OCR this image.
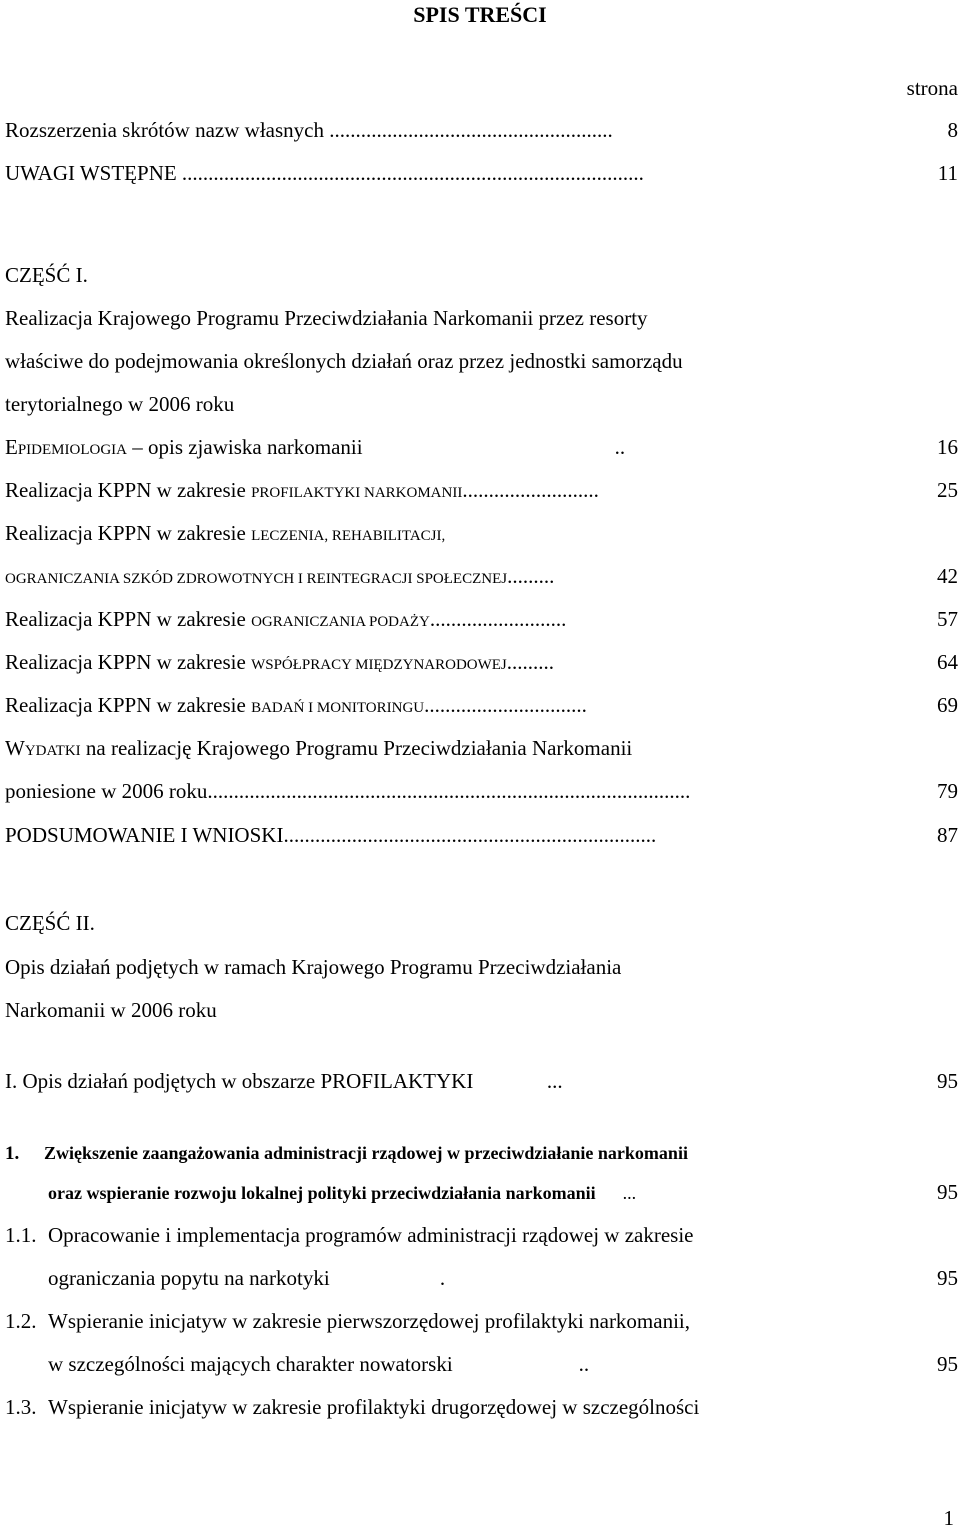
SPIS TREŚCI
strona
Rozszerzenia skrótów nazw własnych ......................................................	8
UWAGI WSTĘPNE ........................................................................................	11
CZĘŚĆ I.
Realizacja Krajowego Programu Przeciwdziałania Narkomanii przez resorty
właściwe do podejmowania określonych działań oraz przez jednostki samorządu
terytorialnego w 2006 roku
EPIDEMIOLOGIA – opis zjawiska narkomanii                                                ..	16
Realizacja KPPN w zakresie PROFILAKTYKI NARKOMANII..........................	25
Realizacja KPPN w zakresie LECZENIA, REHABILITACJI,
OGRANICZANIA SZKÓD ZDROWOTNYCH I REINTEGRACJI SPOŁECZNEJ.........	42
Realizacja KPPN w zakresie OGRANICZANIA PODAŻY..........................	57
Realizacja KPPN w zakresie WSPÓŁPRACY MIĘDZYNARODOWEJ.........	64
Realizacja KPPN w zakresie BADAŃ I MONITORINGU...............................	69
WYDATKI na realizację Krajowego Programu Przeciwdziałania Narkomanii
poniesione w 2006 roku............................................................................................	79
PODSUMOWANIE I WNIOSKI.......................................................................	87
CZĘŚĆ II.
Opis działań podjętych w ramach Krajowego Programu Przeciwdziałania
Narkomanii w 2006 roku
I. Opis działań podjętych w obszarze PROFILAKTYKI              ...	95
1. Zwiększenie zaangażowania administracji rządowej w przeciwdziałanie narkomanii
oraz wspieranie rozwoju lokalnej polityki przeciwdziałania narkomanii      ...	95
1.1. Opracowanie i implementacja programów administracji rządowej w zakresie
ograniczania popytu na narkotyki                     .	95
1.2. Wspieranie inicjatyw w zakresie pierwszorzędowej profilaktyki narkomanii,
w szczególności mających charakter nowatorski                        ..	95
1.3. Wspieranie inicjatyw w zakresie profilaktyki drugorzędowej w szczególności
1
